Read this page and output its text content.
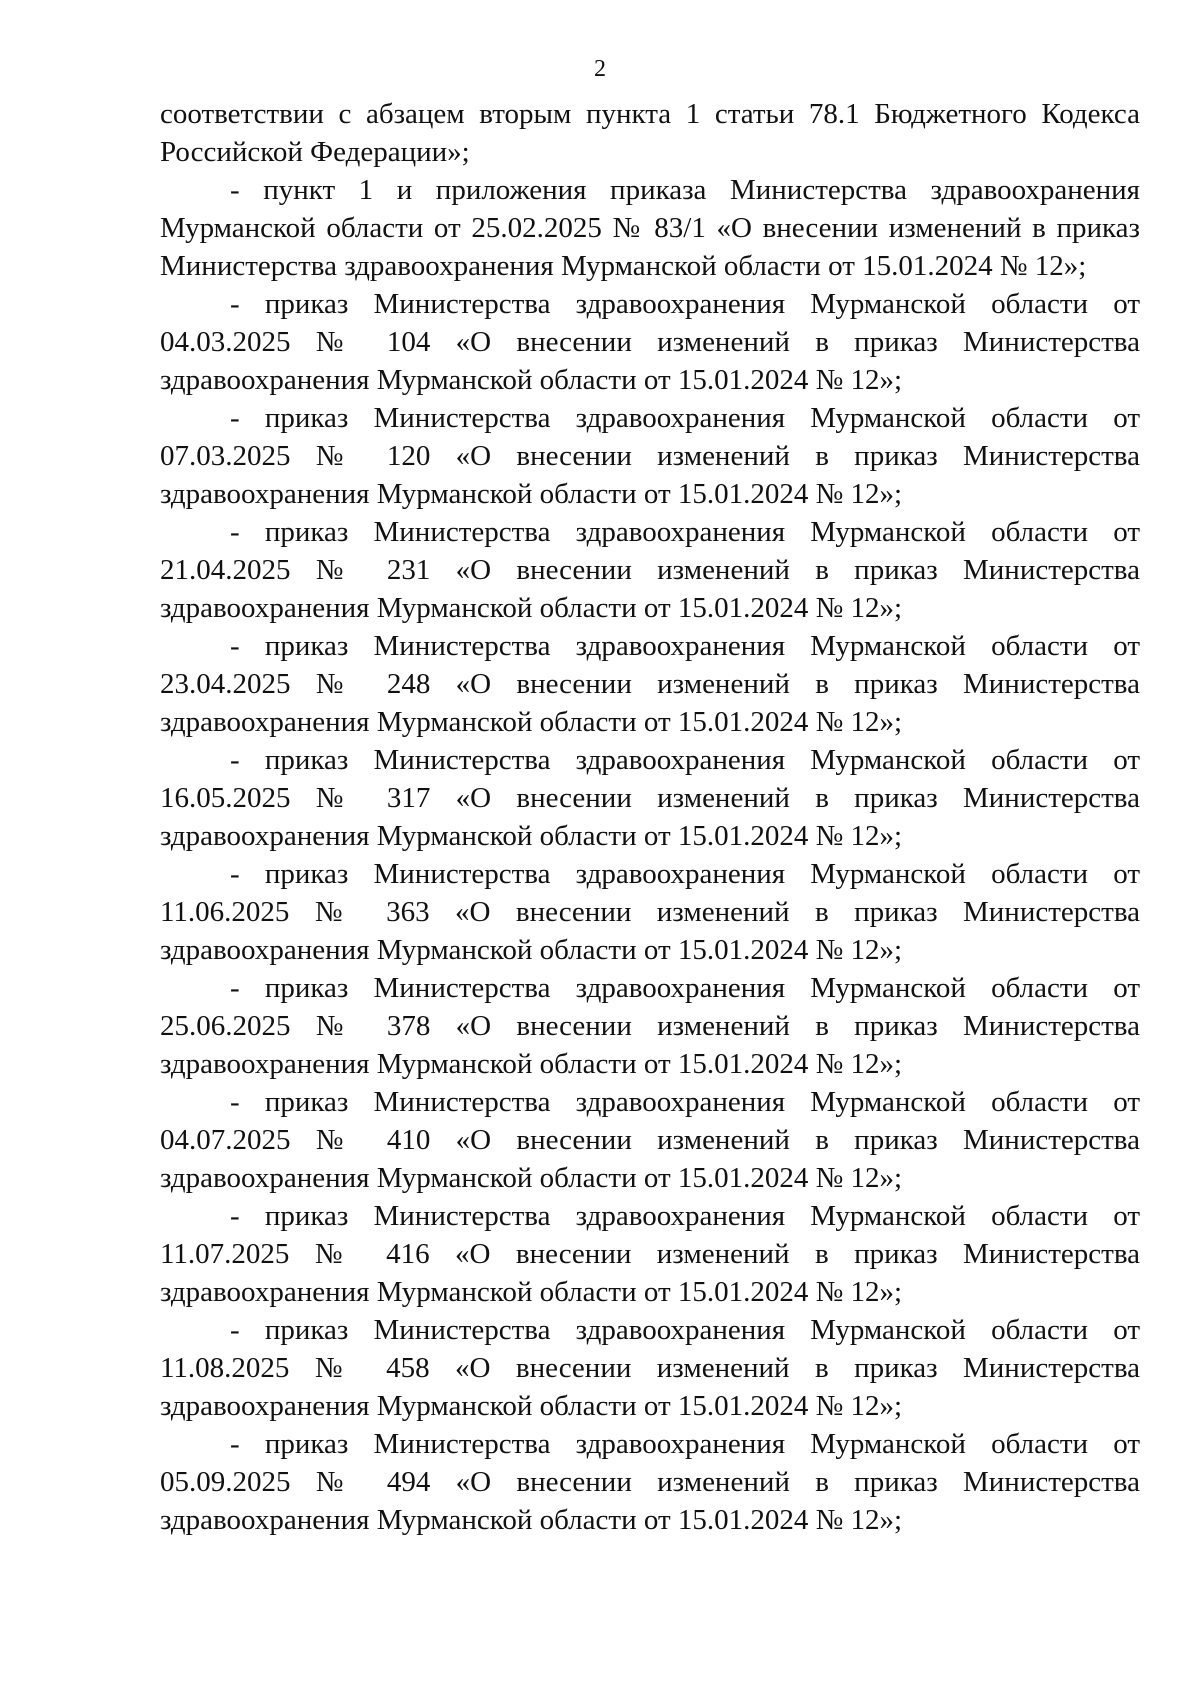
2

соответствии с абзацем вторым пункта 1 статьи 78.1 Бюджетного Кодекса Российской Федерации»;

- пункт 1 и приложения приказа Министерства здравоохранения Мурманской области от 25.02.2025 № 83/1 «О внесении изменений в приказ Министерства здравоохранения Мурманской области от 15.01.2024 № 12»;

- приказ Министерства здравоохранения Мурманской области от 04.03.2025 № 104 «О внесении изменений в приказ Министерства здравоохранения Мурманской области от 15.01.2024 № 12»;

- приказ Министерства здравоохранения Мурманской области от 07.03.2025 № 120 «О внесении изменений в приказ Министерства здравоохранения Мурманской области от 15.01.2024 № 12»;

- приказ Министерства здравоохранения Мурманской области от 21.04.2025 № 231 «О внесении изменений в приказ Министерства здравоохранения Мурманской области от 15.01.2024 № 12»;

- приказ Министерства здравоохранения Мурманской области от 23.04.2025 № 248 «О внесении изменений в приказ Министерства здравоохранения Мурманской области от 15.01.2024 № 12»;

- приказ Министерства здравоохранения Мурманской области от 16.05.2025 № 317 «О внесении изменений в приказ Министерства здравоохранения Мурманской области от 15.01.2024 № 12»;

- приказ Министерства здравоохранения Мурманской области от 11.06.2025 № 363 «О внесении изменений в приказ Министерства здравоохранения Мурманской области от 15.01.2024 № 12»;

- приказ Министерства здравоохранения Мурманской области от 25.06.2025 № 378 «О внесении изменений в приказ Министерства здравоохранения Мурманской области от 15.01.2024 № 12»;

- приказ Министерства здравоохранения Мурманской области от 04.07.2025 № 410 «О внесении изменений в приказ Министерства здравоохранения Мурманской области от 15.01.2024 № 12»;

- приказ Министерства здравоохранения Мурманской области от 11.07.2025 № 416 «О внесении изменений в приказ Министерства здравоохранения Мурманской области от 15.01.2024 № 12»;

- приказ Министерства здравоохранения Мурманской области от 11.08.2025 № 458 «О внесении изменений в приказ Министерства здравоохранения Мурманской области от 15.01.2024 № 12»;

- приказ Министерства здравоохранения Мурманской области от 05.09.2025 № 494 «О внесении изменений в приказ Министерства здравоохранения Мурманской области от 15.01.2024 № 12»;
